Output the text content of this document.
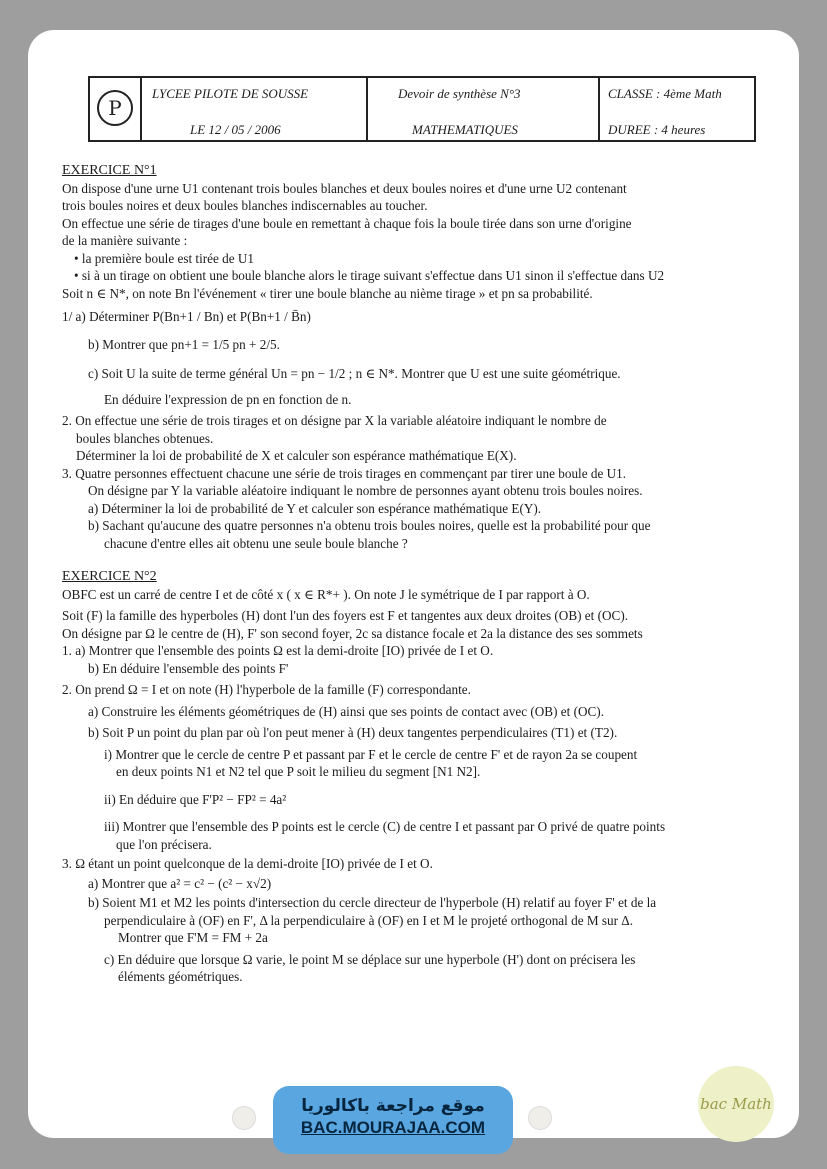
P
LYCEE PILOTE DE SOUSSE
LE 12 / 05 / 2006
Devoir de synthèse N°3
MATHEMATIQUES
CLASSE : 4ème Math
DUREE : 4 heures
EXERCICE N°1
On dispose d'une urne U1 contenant trois boules blanches et deux boules noires et d'une urne U2 contenant
trois boules noires et deux boules blanches indiscernables au toucher.
On effectue une série de tirages d'une boule en remettant à chaque fois la boule tirée dans son urne d'origine
de la manière suivante :
• la première boule est tirée de U1
• si à un tirage on obtient une boule blanche alors le tirage suivant s'effectue dans U1 sinon il s'effectue dans U2
Soit n ∈ N*, on note Bn l'événement « tirer une boule blanche au nième tirage » et pn sa probabilité.
1/ a) Déterminer P(Bn+1 / Bn) et P(Bn+1 / B̄n)
b) Montrer que pn+1 = 1/5 pn + 2/5.
c) Soit U la suite de terme général Un = pn − 1/2 ; n ∈ N*. Montrer que U est une suite géométrique.
En déduire l'expression de pn en fonction de n.
2. On effectue une série de trois tirages et on désigne par X la variable aléatoire indiquant le nombre de
boules blanches obtenues.
Déterminer la loi de probabilité de X et calculer son espérance mathématique E(X).
3. Quatre personnes effectuent chacune une série de trois tirages en commençant par tirer une boule de U1.
On désigne par Y la variable aléatoire indiquant le nombre de personnes ayant obtenu trois boules noires.
a) Déterminer la loi de probabilité de Y et calculer son espérance mathématique E(Y).
b) Sachant qu'aucune des quatre personnes n'a obtenu trois boules noires, quelle est la probabilité pour que
chacune d'entre elles ait obtenu une seule boule blanche ?
EXERCICE N°2
OBFC est un carré de centre I et de côté x ( x ∈ R*+ ). On note J le symétrique de I par rapport à O.
Soit (F) la famille des hyperboles (H) dont l'un des foyers est F et tangentes aux deux droites (OB) et (OC).
On désigne par Ω le centre de (H), F' son second foyer, 2c sa distance focale et 2a la distance des ses sommets
1. a) Montrer que l'ensemble des points Ω est la demi-droite [IO) privée de I et O.
b) En déduire l'ensemble des points F'
2. On prend Ω = I et on note (H) l'hyperbole de la famille (F) correspondante.
a) Construire les éléments géométriques de (H) ainsi que ses points de contact avec (OB) et (OC).
b) Soit P un point du plan par où l'on peut mener à (H) deux tangentes perpendiculaires (T1) et (T2).
i) Montrer que le cercle de centre P et passant par F et le cercle de centre F' et de rayon 2a se coupent
en deux points N1 et N2 tel que P soit le milieu du segment [N1 N2].
ii) En déduire que F'P² − FP² = 4a²
iii) Montrer que l'ensemble des P points est le cercle (C) de centre I et passant par O privé de quatre points
que l'on précisera.
3. Ω étant un point quelconque de la demi-droite [IO) privée de I et O.
a) Montrer que a² = c² − (c² − x√2)
b) Soient M1 et M2 les points d'intersection du cercle directeur de l'hyperbole (H) relatif au foyer F' et de la
perpendiculaire à (OF) en F', Δ la perpendiculaire à (OF) en I et M le projeté orthogonal de M sur Δ.
Montrer que F'M = FM + 2a
c) En déduire que lorsque Ω varie, le point M se déplace sur une hyperbole (H') dont on précisera les
éléments géométriques.
موقع مراجعة باكالوريا
BAC.MOURAJAA.COM
bac Math
